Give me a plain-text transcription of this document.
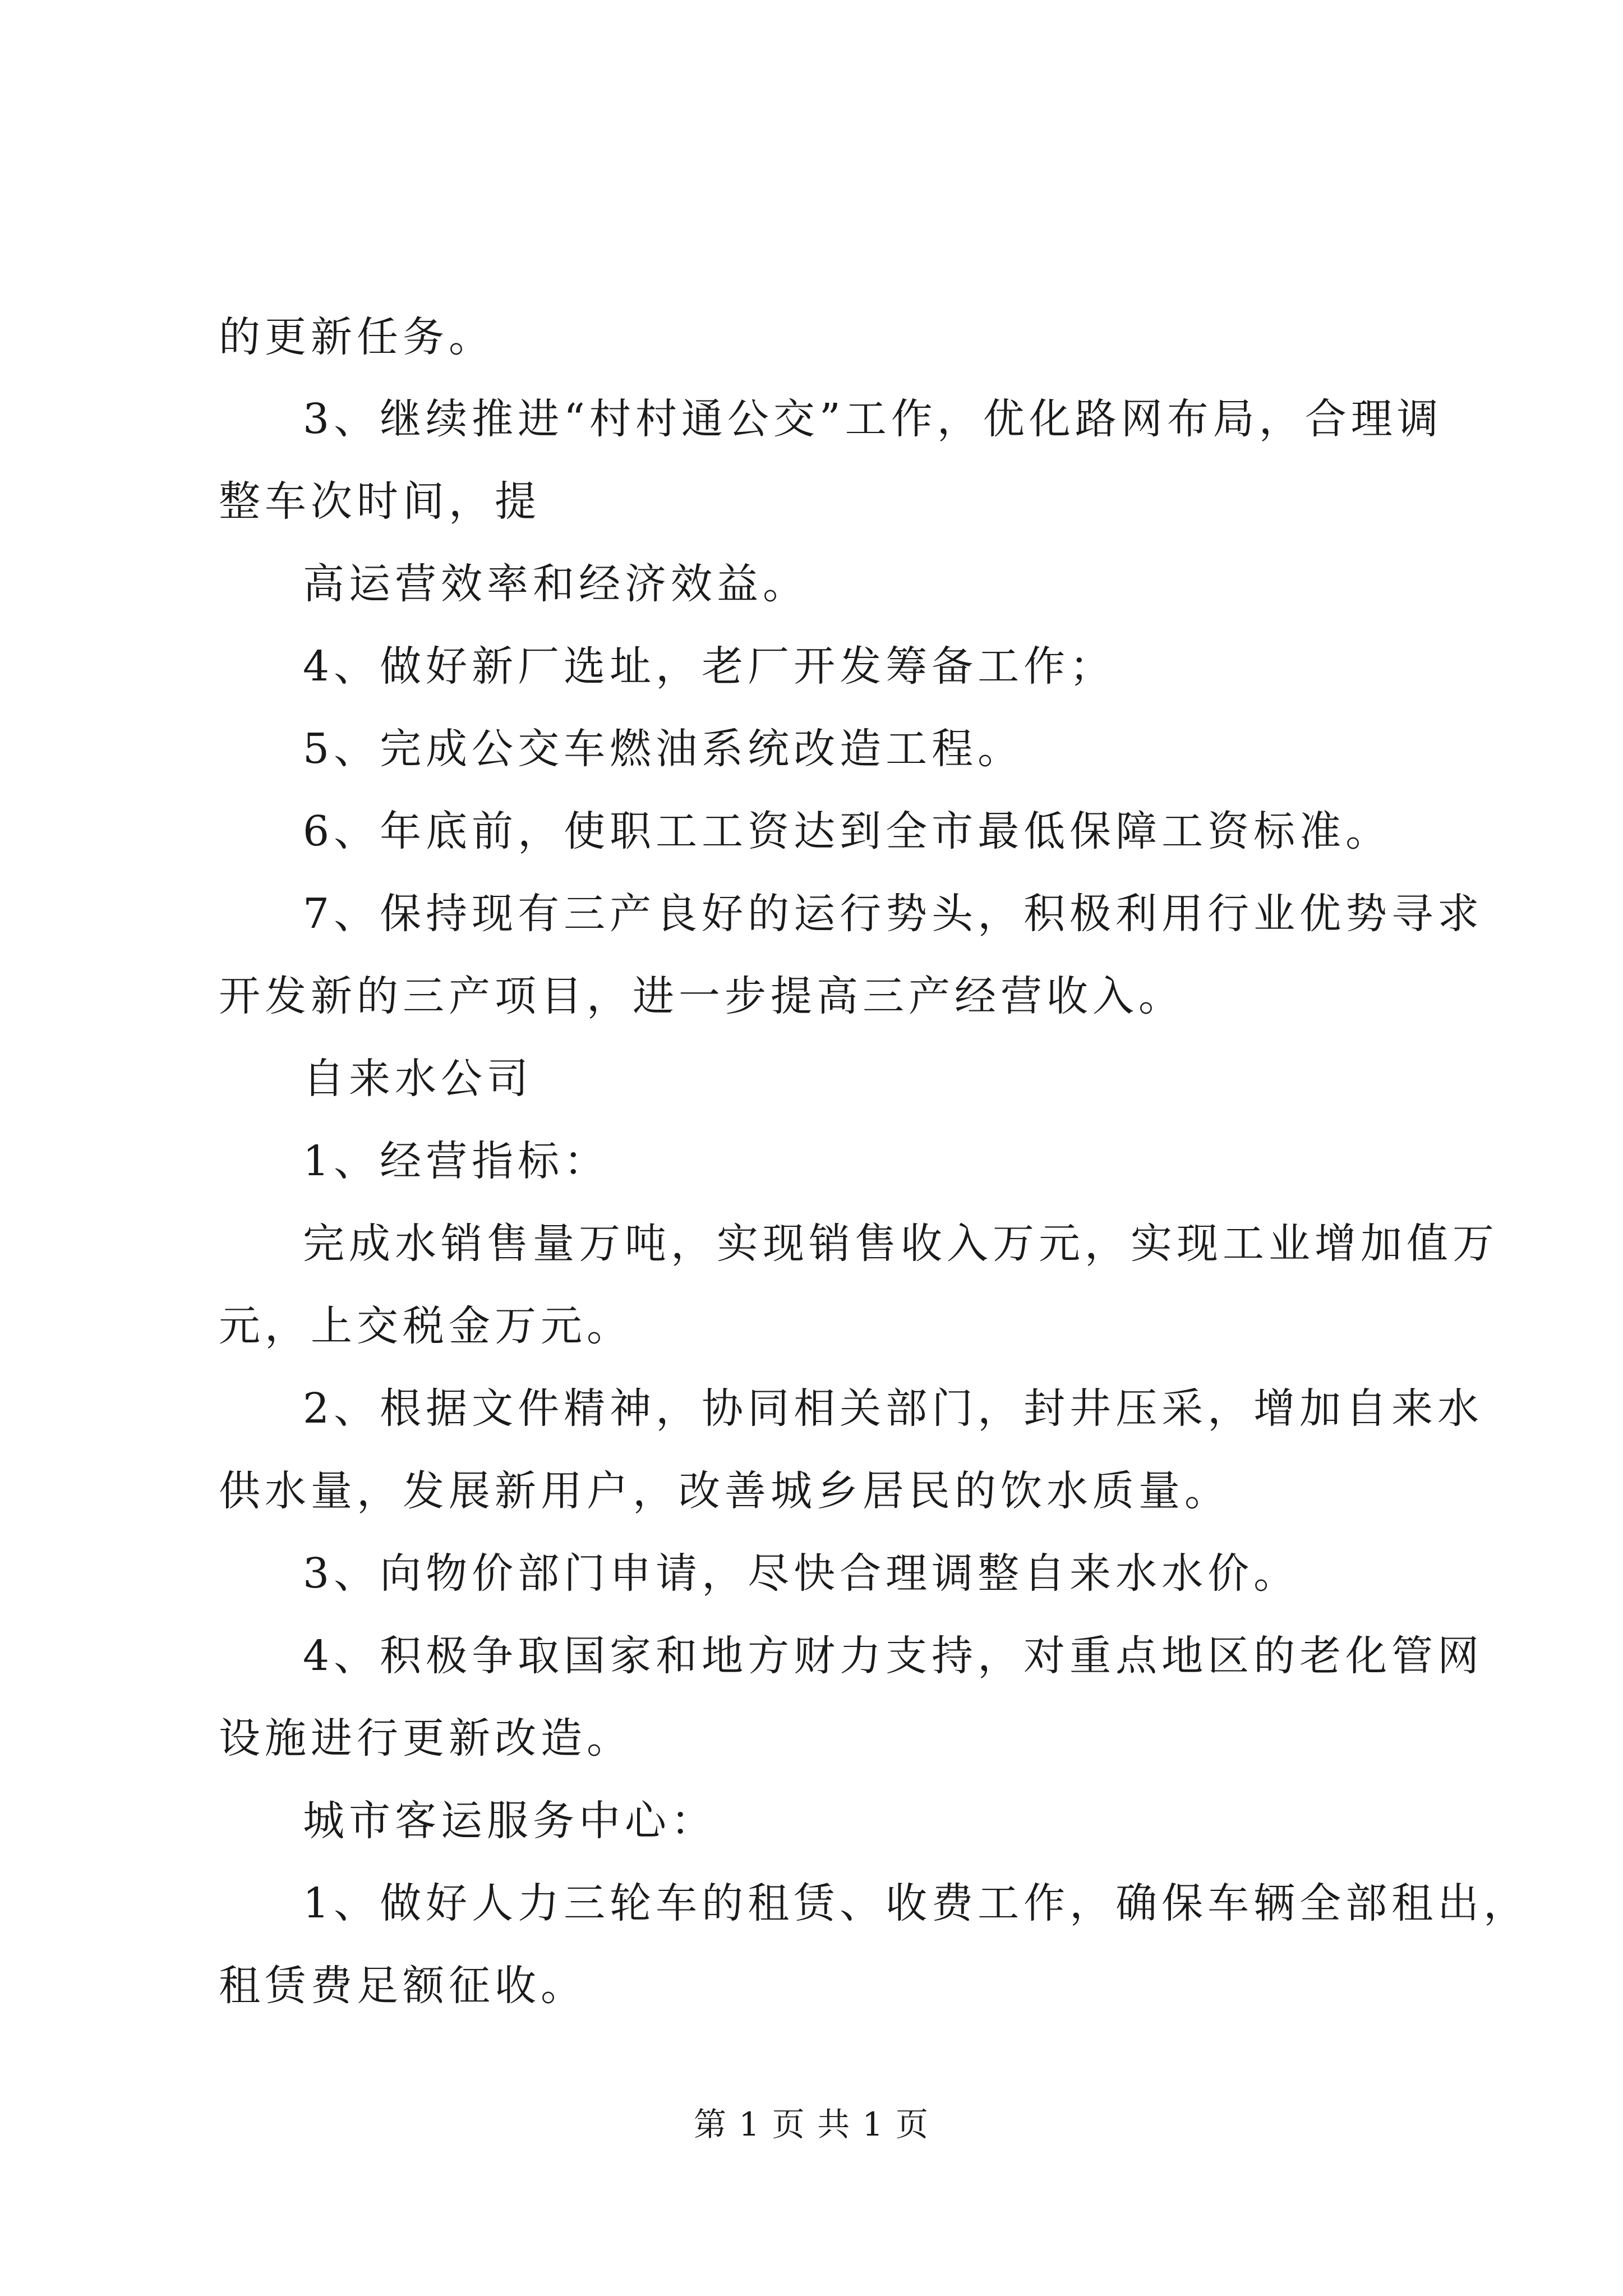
的更新任务。
3、继续推进“村村通公交”工作，优化路网布局，合理调
整车次时间，提
高运营效率和经济效益。
4、做好新厂选址，老厂开发筹备工作；
5、完成公交车燃油系统改造工程。
6、年底前，使职工工资达到全市最低保障工资标准。
7、保持现有三产良好的运行势头，积极利用行业优势寻求
开发新的三产项目，进一步提高三产经营收入。
自来水公司
1、经营指标：
完成水销售量万吨，实现销售收入万元，实现工业增加值万
元，上交税金万元。
2、根据文件精神，协同相关部门，封井压采，增加自来水
供水量，发展新用户，改善城乡居民的饮水质量。
3、向物价部门申请，尽快合理调整自来水水价。
4、积极争取国家和地方财力支持，对重点地区的老化管网
设施进行更新改造。
城市客运服务中心：
1、做好人力三轮车的租赁、收费工作，确保车辆全部租出，
租赁费足额征收。
第 1 页 共 1 页
